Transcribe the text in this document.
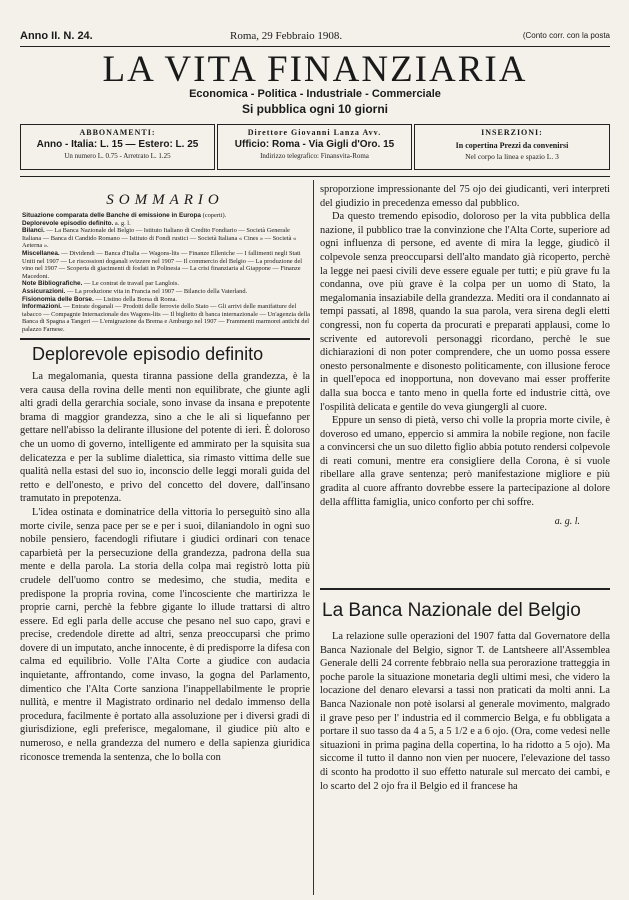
Anno II. N. 24.	Roma, 29 Febbraio 1908.	(Conto corr. con la posta
LA VITA FINANZIARIA
Economica - Politica - Industriale - Commerciale
Si pubblica ogni 10 giorni
ABBONAMENTI:
Anno - Italia: L. 15 — Estero: L. 25
Un numero L. 0.75 - Arretrato L. 1.25
Direttore Giovanni Lanza Avv.
Ufficio: Roma - Via Gigli d'Oro. 15
Indirizzo telegrafico: Finansvita-Roma
INSERZIONI:
In copertina Prezzi da convenirsi
Nel corpo la linea e spazio L. 3
SOMMARIO

Situazione comparata delle Banche di emissione in Europa (coperti).

Deplorevole episodio definito. a. g. l.

Bilanci. — La Banca Nazionale del Belgio — Istituto Italiano di Credito Fondiario — Società Generale Italiana — Banca di Candido Romano — Istituto di Fondi rustici — Società Italiana « Cines » — Società « Aeterna ».

Miscellanea. — Dividendi — Banca d'Italia — Wagons-lits — Finanze Elleniche — I fallimenti negli Stati Uniti nel 1907 — Le riscossioni doganali svizzere nel 1907 — Il commercio del Belgio — La produzione del vino nel 1907 — Scoperta di giacimenti di fosfati in Polinesia — La crisi finanziaria al Giappone — Finanze Macedoni.

Note Bibliografiche. — Le contrat de travail par Langlois.

Assicurazioni. — La produzione vita in Francia nel 1907 — Bilancio della Vaterland.

Fisionomia delle Borse. — Listino della Borsa di Roma.

Informazioni. — Entrate doganali — Prodotti delle ferrovie dello Stato — Gli arrivi delle manifatture del tabacco — Compagnie Internazionale des Wagons-lits — Il biglietto di banca internazionale — Un'agenzia della Banca di Spagna a Tangeri — L'emigrazione da Brema e Amburgo nel 1907 — Frammenti marmorei antichi del palazzo Farnese.

Deplorevole episodio definito

La megalomania, questa tiranna passione della grandezza, è la vera causa della rovina delle menti non equilibrate, che giunte agli alti gradi della gerarchia sociale, sono invase da insana e prepotente brama di maggior grandezza, sino a che le ali si liquefanno per gettare nell'abisso la delirante illusione del potente di ieri. È doloroso che un uomo di governo, intelligente ed ammirato per la squisita sua delicatezza e per la sublime dialettica, sia rimasto vittima delle sue qualità nella estasi del suo io, inconscio delle leggi morali guida del retto e dell'onesto, e privo del concetto del dovere, dall'insano tramutato in prepotenza.

L'idea ostinata e dominatrice della vittoria lo perseguitò sino alla morte civile, senza pace per se e per i suoi, dilaniandolo in ogni suo nobile pensiero, facendogli rifiutare i giudici ordinari con tenace caparbietà per la persecuzione della grandezza, padrona della sua mente e della parola. La storia della colpa mai registrò lotta più crudele dell'uomo contro se medesimo, che studia, medita e predispone la propria rovina, come l'incosciente che martirizza le proprie carni, perchè la febbre gigante lo illude trattarsi di altro essere. Ed egli parla delle accuse che pesano nel suo capo, gravi e precise, credendole dirette ad altri, senza preoccuparsi che primo dovere di un imputato, anche innocente, è di predisporre la difesa con calma ed equilibrio. Volle l'Alta Corte a giudice con audacia inquietante, affrontando, come invaso, la gogna del Parlamento, dimentico che l'Alta Corte sanziona l'inappellabilmente le proprie nullità, e mentre il Magistrato ordinario nel dedalo immenso della procedura, facilmente è portato alla assoluzione per i diversi gradi di giurisdizione, egli preferisce, megalomane, il giudice più alto e numeroso, e nella grandezza del numero e della sapienza giuridica riconosce tremenda la sentenza, che lo bolla con

sproporzione impressionante del 75 ojo dei giudicanti, veri interpreti del giudizio in precedenza emesso dal pubblico.

Da questo tremendo episodio, doloroso per la vita pubblica della nazione, il pubblico trae la convinzione che l'Alta Corte, superiore ad ogni influenza di persone, ed avente di mira la legge, giudicò il colpevole senza preoccuparsi dell'alto mandato già ricoperto, perchè la legge nei paesi civili deve essere eguale per tutti; e più grave fu la condanna, ove più grave è la colpa per un uomo di Stato, la megalomania insaziabile della grandezza. Mediti ora il condannato ai tempi passati, al 1898, quando la sua parola, vera sirena degli eletti congressi, non fu coperta da procurati e preparati applausi, come lo scrivente ed autorevoli personaggi ricordano, perchè le sue dichiarazioni di non poter comprendere, che un uomo possa essere onesto personalmente e disonesto politicamente, con illusione feroce in quell'epoca ed inopportuna, non dovevano mai esser profferite dalla sua bocca e tanto meno in quella forte ed industrie città, ove l'ospilità delicata e gentile do veva giungergli al cuore.

Eppure un senso di pietà, verso chi volle la propria morte civile, è doveroso ed umano, eppercio si ammira la nobile regione, non facile a convincersi che un suo diletto figlio abbia potuto rendersi colpevole di reati comuni, mentre era consigliere della Corona, è si vuole ribellare alla grave sentenza; però manifestazione migliore e più gradita al cuore affranto dovrebbe essere la partecipazione al dolore della afflitta famiglia, unico conforto per chi soffre.

a. g. l.
La Banca Nazionale del Belgio

La relazione sulle operazioni del 1907 fatta dal Governatore della Banca Nazionale del Belgio, signor T. de Lantsheere all'Assemblea Generale delli 24 corrente febbraio nella sua perorazione tratteggia in poche parole la situazione monetaria degli ultimi mesi, che videro la locazione del denaro elevarsi a tassi non praticati da molti anni. La Banca Nazionale non potè isolarsi al generale movimento, malgrado il grave peso per l' industria ed il commercio Belga, e fu obbligata a portare il suo tasso da 4 a 5, a 5 1/2 e a 6 ojo. (Ora, come vedesi nelle situazioni in prima pagina della copertina, lo ha ridotto a 5 ojo). Ma siccome il tutto il danno non vien per nuocere, l'elevazione del tasso di sconto ha prodotto il suo effetto naturale sul mercato dei cambi, e lo scarto del 2 ojo fra il Belgio ed il francese ha
